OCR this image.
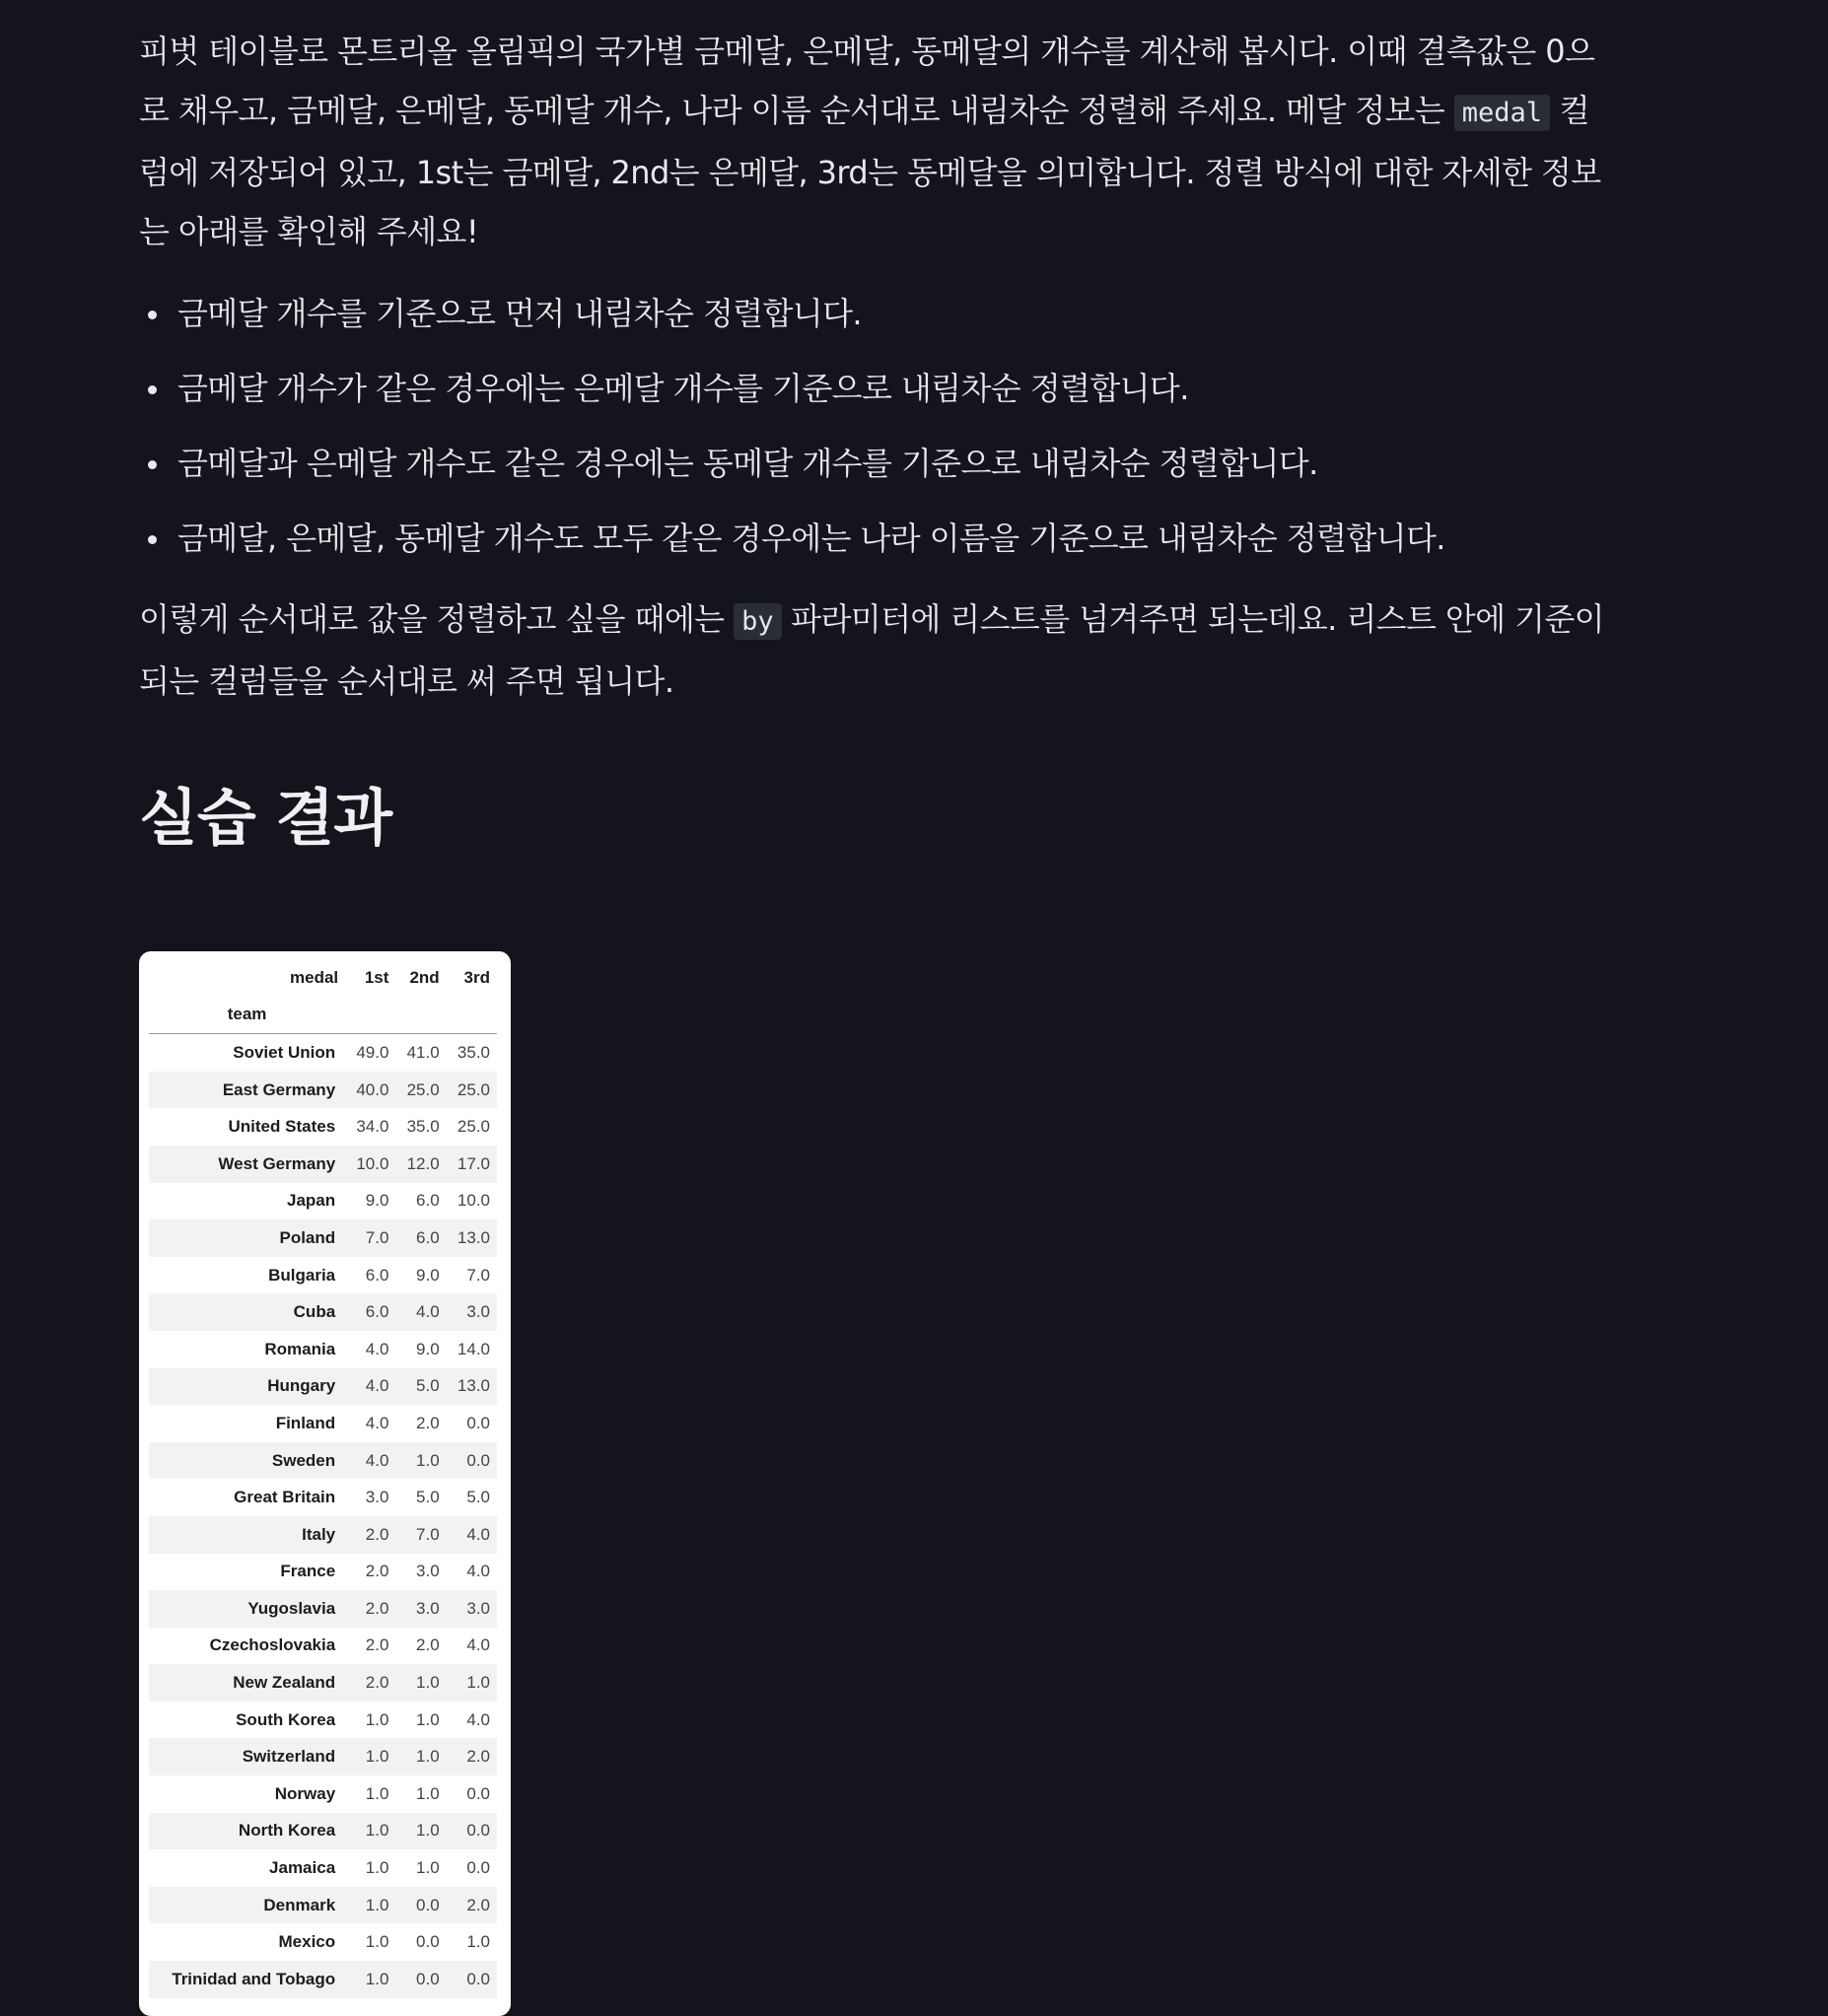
피벗 테이블로 몬트리올 올림픽의 국가별 금메달, 은메달, 동메달의 개수를 계산해 봅시다. 이때 결측값은 0으로 채우고, 금메달, 은메달, 동메달 개수, 나라 이름 순서대로 내림차순 정렬해 주세요. 메달 정보는 medal 컬럼에 저장되어 있고, 1st는 금메달, 2nd는 은메달, 3rd는 동메달을 의미합니다. 정렬 방식에 대한 자세한 정보는 아래를 확인해 주세요!

금메달 개수를 기준으로 먼저 내림차순 정렬합니다.
금메달 개수가 같은 경우에는 은메달 개수를 기준으로 내림차순 정렬합니다.
금메달과 은메달 개수도 같은 경우에는 동메달 개수를 기준으로 내림차순 정렬합니다.
금메달, 은메달, 동메달 개수도 모두 같은 경우에는 나라 이름을 기준으로 내림차순 정렬합니다.

이렇게 순서대로 값을 정렬하고 싶을 때에는 by 파라미터에 리스트를 넘겨주면 되는데요. 리스트 안에 기준이 되는 컬럼들을 순서대로 써 주면 됩니다.

실습 결과
medal	1st	2nd	3rd
team			
Soviet Union	49.0	41.0	35.0
East Germany	40.0	25.0	25.0
United States	34.0	35.0	25.0
West Germany	10.0	12.0	17.0
Japan	9.0	6.0	10.0
Poland	7.0	6.0	13.0
Bulgaria	6.0	9.0	7.0
Cuba	6.0	4.0	3.0
Romania	4.0	9.0	14.0
Hungary	4.0	5.0	13.0
Finland	4.0	2.0	0.0
Sweden	4.0	1.0	0.0
Great Britain	3.0	5.0	5.0
Italy	2.0	7.0	4.0
France	2.0	3.0	4.0
Yugoslavia	2.0	3.0	3.0
Czechoslovakia	2.0	2.0	4.0
New Zealand	2.0	1.0	1.0
South Korea	1.0	1.0	4.0
Switzerland	1.0	1.0	2.0
Norway	1.0	1.0	0.0
North Korea	1.0	1.0	0.0
Jamaica	1.0	1.0	0.0
Denmark	1.0	0.0	2.0
Mexico	1.0	0.0	1.0
Trinidad and Tobago	1.0	0.0	0.0
